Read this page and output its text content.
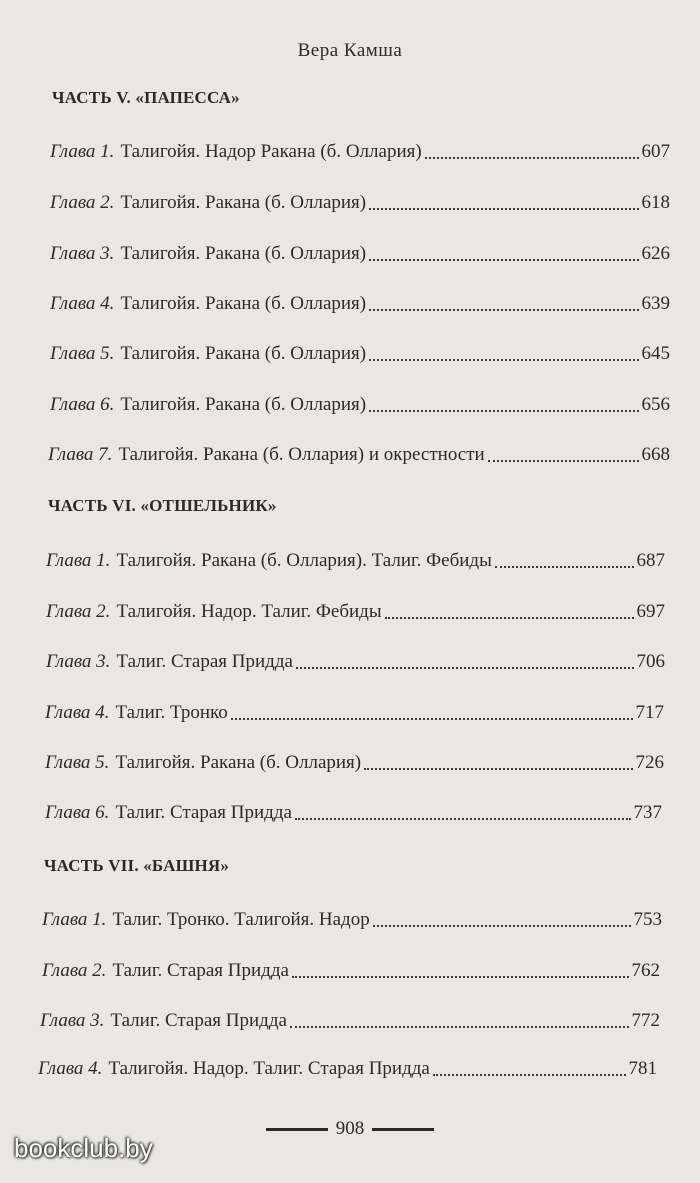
Вера Камша
ЧАСТЬ V. «ПАПЕССА»
Глава 1. Талигойя. Надор Ракана (б. Оллария)	607
Глава 2. Талигойя. Ракана (б. Оллария)	618
Глава 3. Талигойя. Ракана (б. Оллария)	626
Глава 4. Талигойя. Ракана (б. Оллария)	639
Глава 5. Талигойя. Ракана (б. Оллария)	645
Глава 6. Талигойя. Ракана (б. Оллария)	656
Глава 7. Талигойя. Ракана (б. Оллария) и окрестности	668
ЧАСТЬ VI. «ОТШЕЛЬНИК»
Глава 1. Талигойя. Ракана (б. Оллария). Талиг. Фебиды	687
Глава 2. Талигойя. Надор. Талиг. Фебиды	697
Глава 3. Талиг. Старая Придда	706
Глава 4. Талиг. Тронко	717
Глава 5. Талигойя. Ракана (б. Оллария)	726
Глава 6. Талиг. Старая Придда	737
ЧАСТЬ VII. «БАШНЯ»
Глава 1. Талиг. Тронко. Талигойя. Надор	753
Глава 2. Талиг. Старая Придда	762
Глава 3. Талиг. Старая Придда	772
Глава 4. Талигойя. Надор. Талиг. Старая Придда	781
908
bookclub.by
